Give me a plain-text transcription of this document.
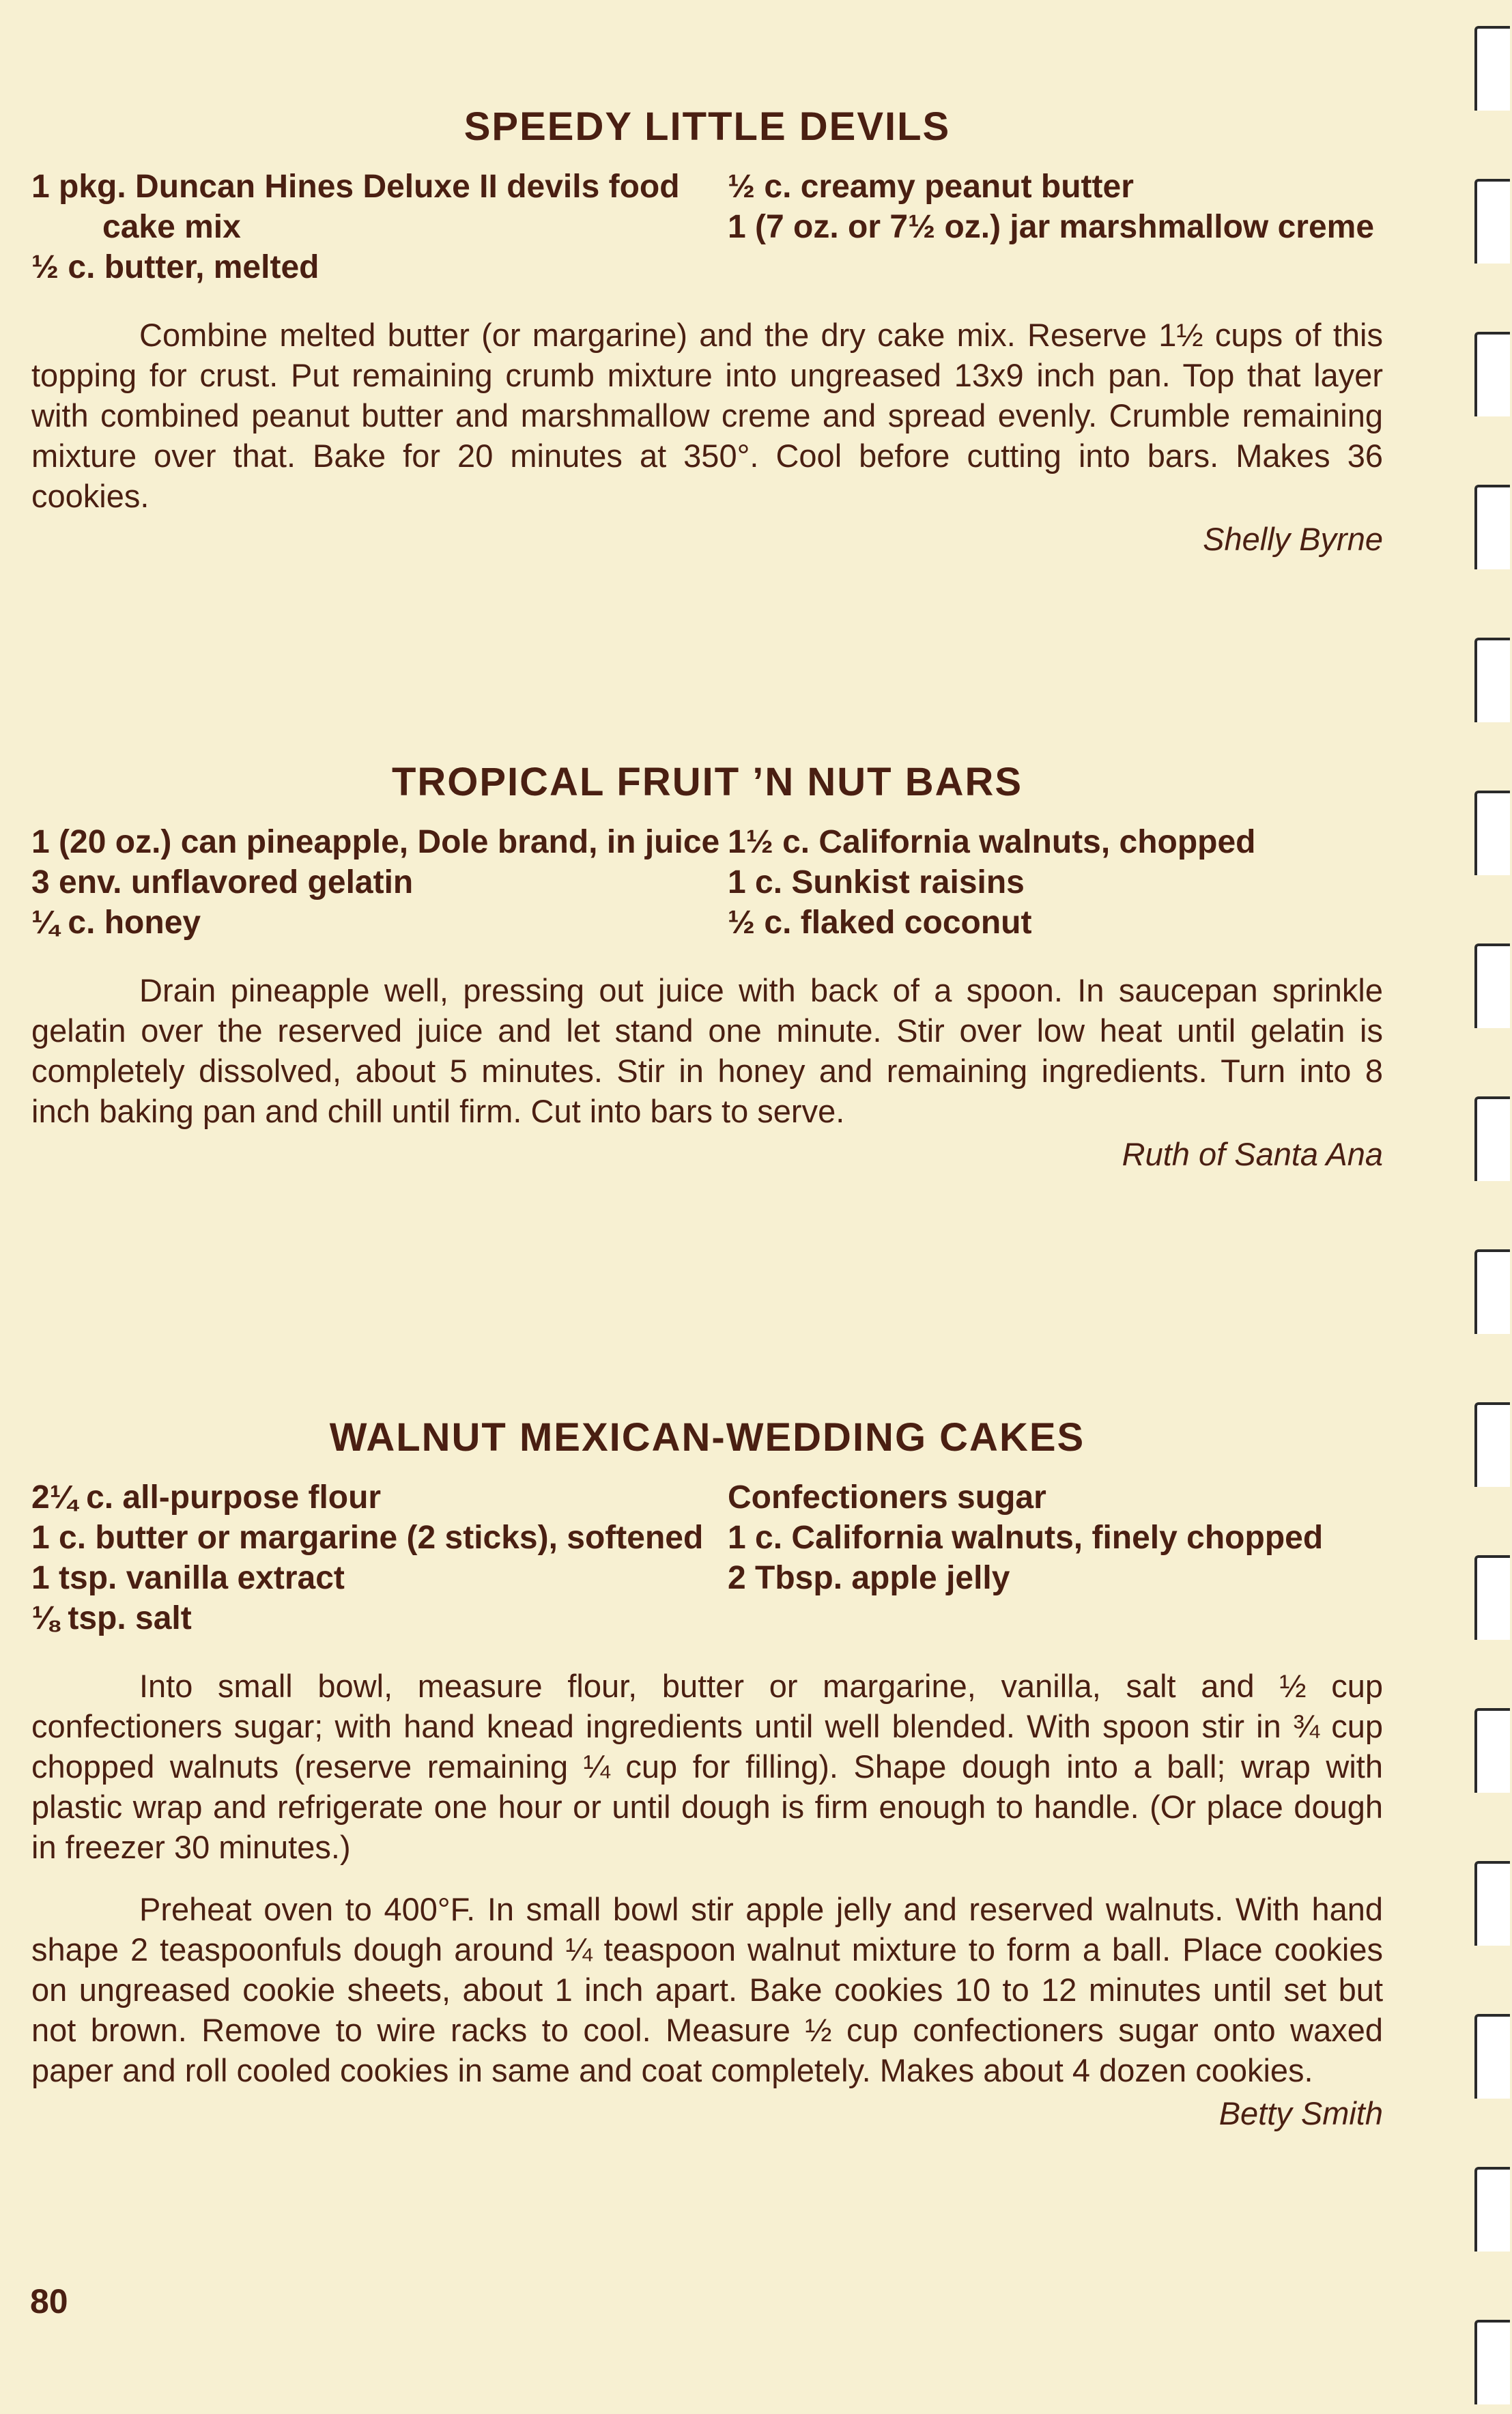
SPEEDY LITTLE DEVILS
1 pkg. Duncan Hines Deluxe II devils food cake mix
½ c. butter, melted
½ c. creamy peanut butter
1 (7 oz. or 7½ oz.) jar marshmallow creme

Combine melted butter (or margarine) and the dry cake mix. Reserve 1½ cups of this topping for crust. Put remaining crumb mixture into ungreased 13x9 inch pan. Top that layer with combined peanut butter and marshmallow creme and spread evenly. Crumble remaining mixture over that. Bake for 20 minutes at 350°. Cool before cutting into bars. Makes 36 cookies.

Shelly Byrne

TROPICAL FRUIT ’N NUT BARS
1 (20 oz.) can pineapple, Dole brand, in juice
3 env. unflavored gelatin
¼ c. honey
1½ c. California walnuts, chopped
1 c. Sunkist raisins
½ c. flaked coconut

Drain pineapple well, pressing out juice with back of a spoon. In saucepan sprinkle gelatin over the reserved juice and let stand one minute. Stir over low heat until gelatin is completely dissolved, about 5 minutes. Stir in honey and remaining ingredients. Turn into 8 inch baking pan and chill until firm. Cut into bars to serve.

Ruth of Santa Ana

WALNUT MEXICAN-WEDDING CAKES
2¼ c. all-purpose flour
1 c. butter or margarine (2 sticks), softened
1 tsp. vanilla extract
⅛ tsp. salt
Confectioners sugar
1 c. California walnuts, finely chopped
2 Tbsp. apple jelly

Into small bowl, measure flour, butter or margarine, vanilla, salt and ½ cup confectioners sugar; with hand knead ingredients until well blended. With spoon stir in ¾ cup chopped walnuts (reserve remaining ¼ cup for filling). Shape dough into a ball; wrap with plastic wrap and refrigerate one hour or until dough is firm enough to handle. (Or place dough in freezer 30 minutes.)

Preheat oven to 400°F. In small bowl stir apple jelly and reserved walnuts. With hand shape 2 teaspoonfuls dough around ¼ teaspoon walnut mixture to form a ball. Place cookies on ungreased cookie sheets, about 1 inch apart. Bake cookies 10 to 12 minutes until set but not brown. Remove to wire racks to cool. Measure ½ cup confectioners sugar onto waxed paper and roll cooled cookies in same and coat completely. Makes about 4 dozen cookies.

Betty Smith

80
